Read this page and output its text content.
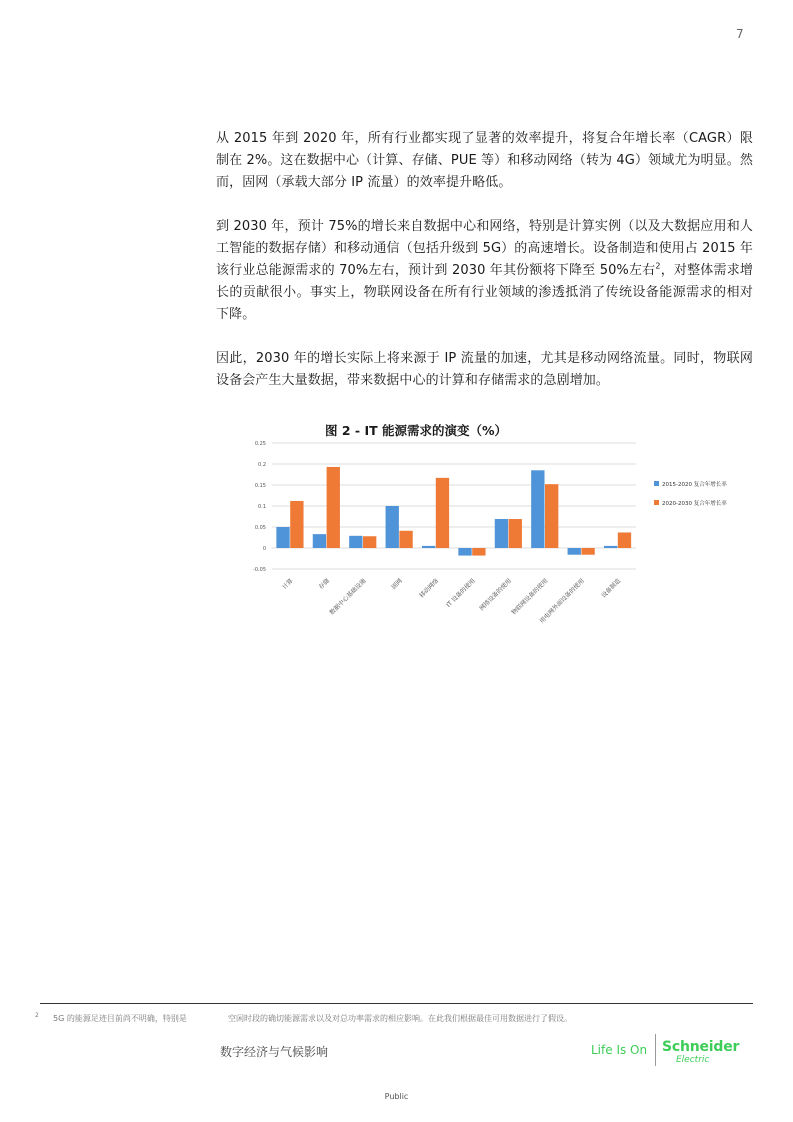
7

从 2015 年到 2020 年，所有行业都实现了显著的效率提升，将复合年增长率（CAGR）限制在 2%。这在数据中心（计算、存储、PUE 等）和移动网络（转为 4G）领域尤为明显。然而，固网（承载大部分 IP 流量）的效率提升略低。

到 2030 年，预计 75%的增长来自数据中心和网络，特别是计算实例（以及大数据应用和人工智能的数据存储）和移动通信（包括升级到 5G）的高速增长。设备制造和使用占 2015 年该行业总能源需求的 70%左右，预计到 2030 年其份额将下降至 50%左右$^2$，对整体需求增长的贡献很小。事实上，物联网设备在所有行业领域的渗透抵消了传统设备能源需求的相对下降。

因此，2030 年的增长实际上将来源于 IP 流量的加速，尤其是移动网络流量。同时，物联网设备会产生大量数据，带来数据中心的计算和存储需求的急剧增加。

图 2 - IT 能源需求的演变（%）
0.25
0.2
0.15
0.1
0.05
0
-0.05
计算	存储
数据中心基础设施	固网 移动网络 IT 设备的使用 网络设备的使用
物联网设备的使用
用电网外面设备的使用 设备制造
2015-2020 复合年增长率
2020-2030 复合年增长率
2 5G 的能源足迹目前尚不明确，特别是	空闲时段的确切能源需求以及对总功率需求的相应影响。在此我们根据最佳可用数据进行了假设。
数字经济与气候影响	Life Is On Schneider
Electric
Public
